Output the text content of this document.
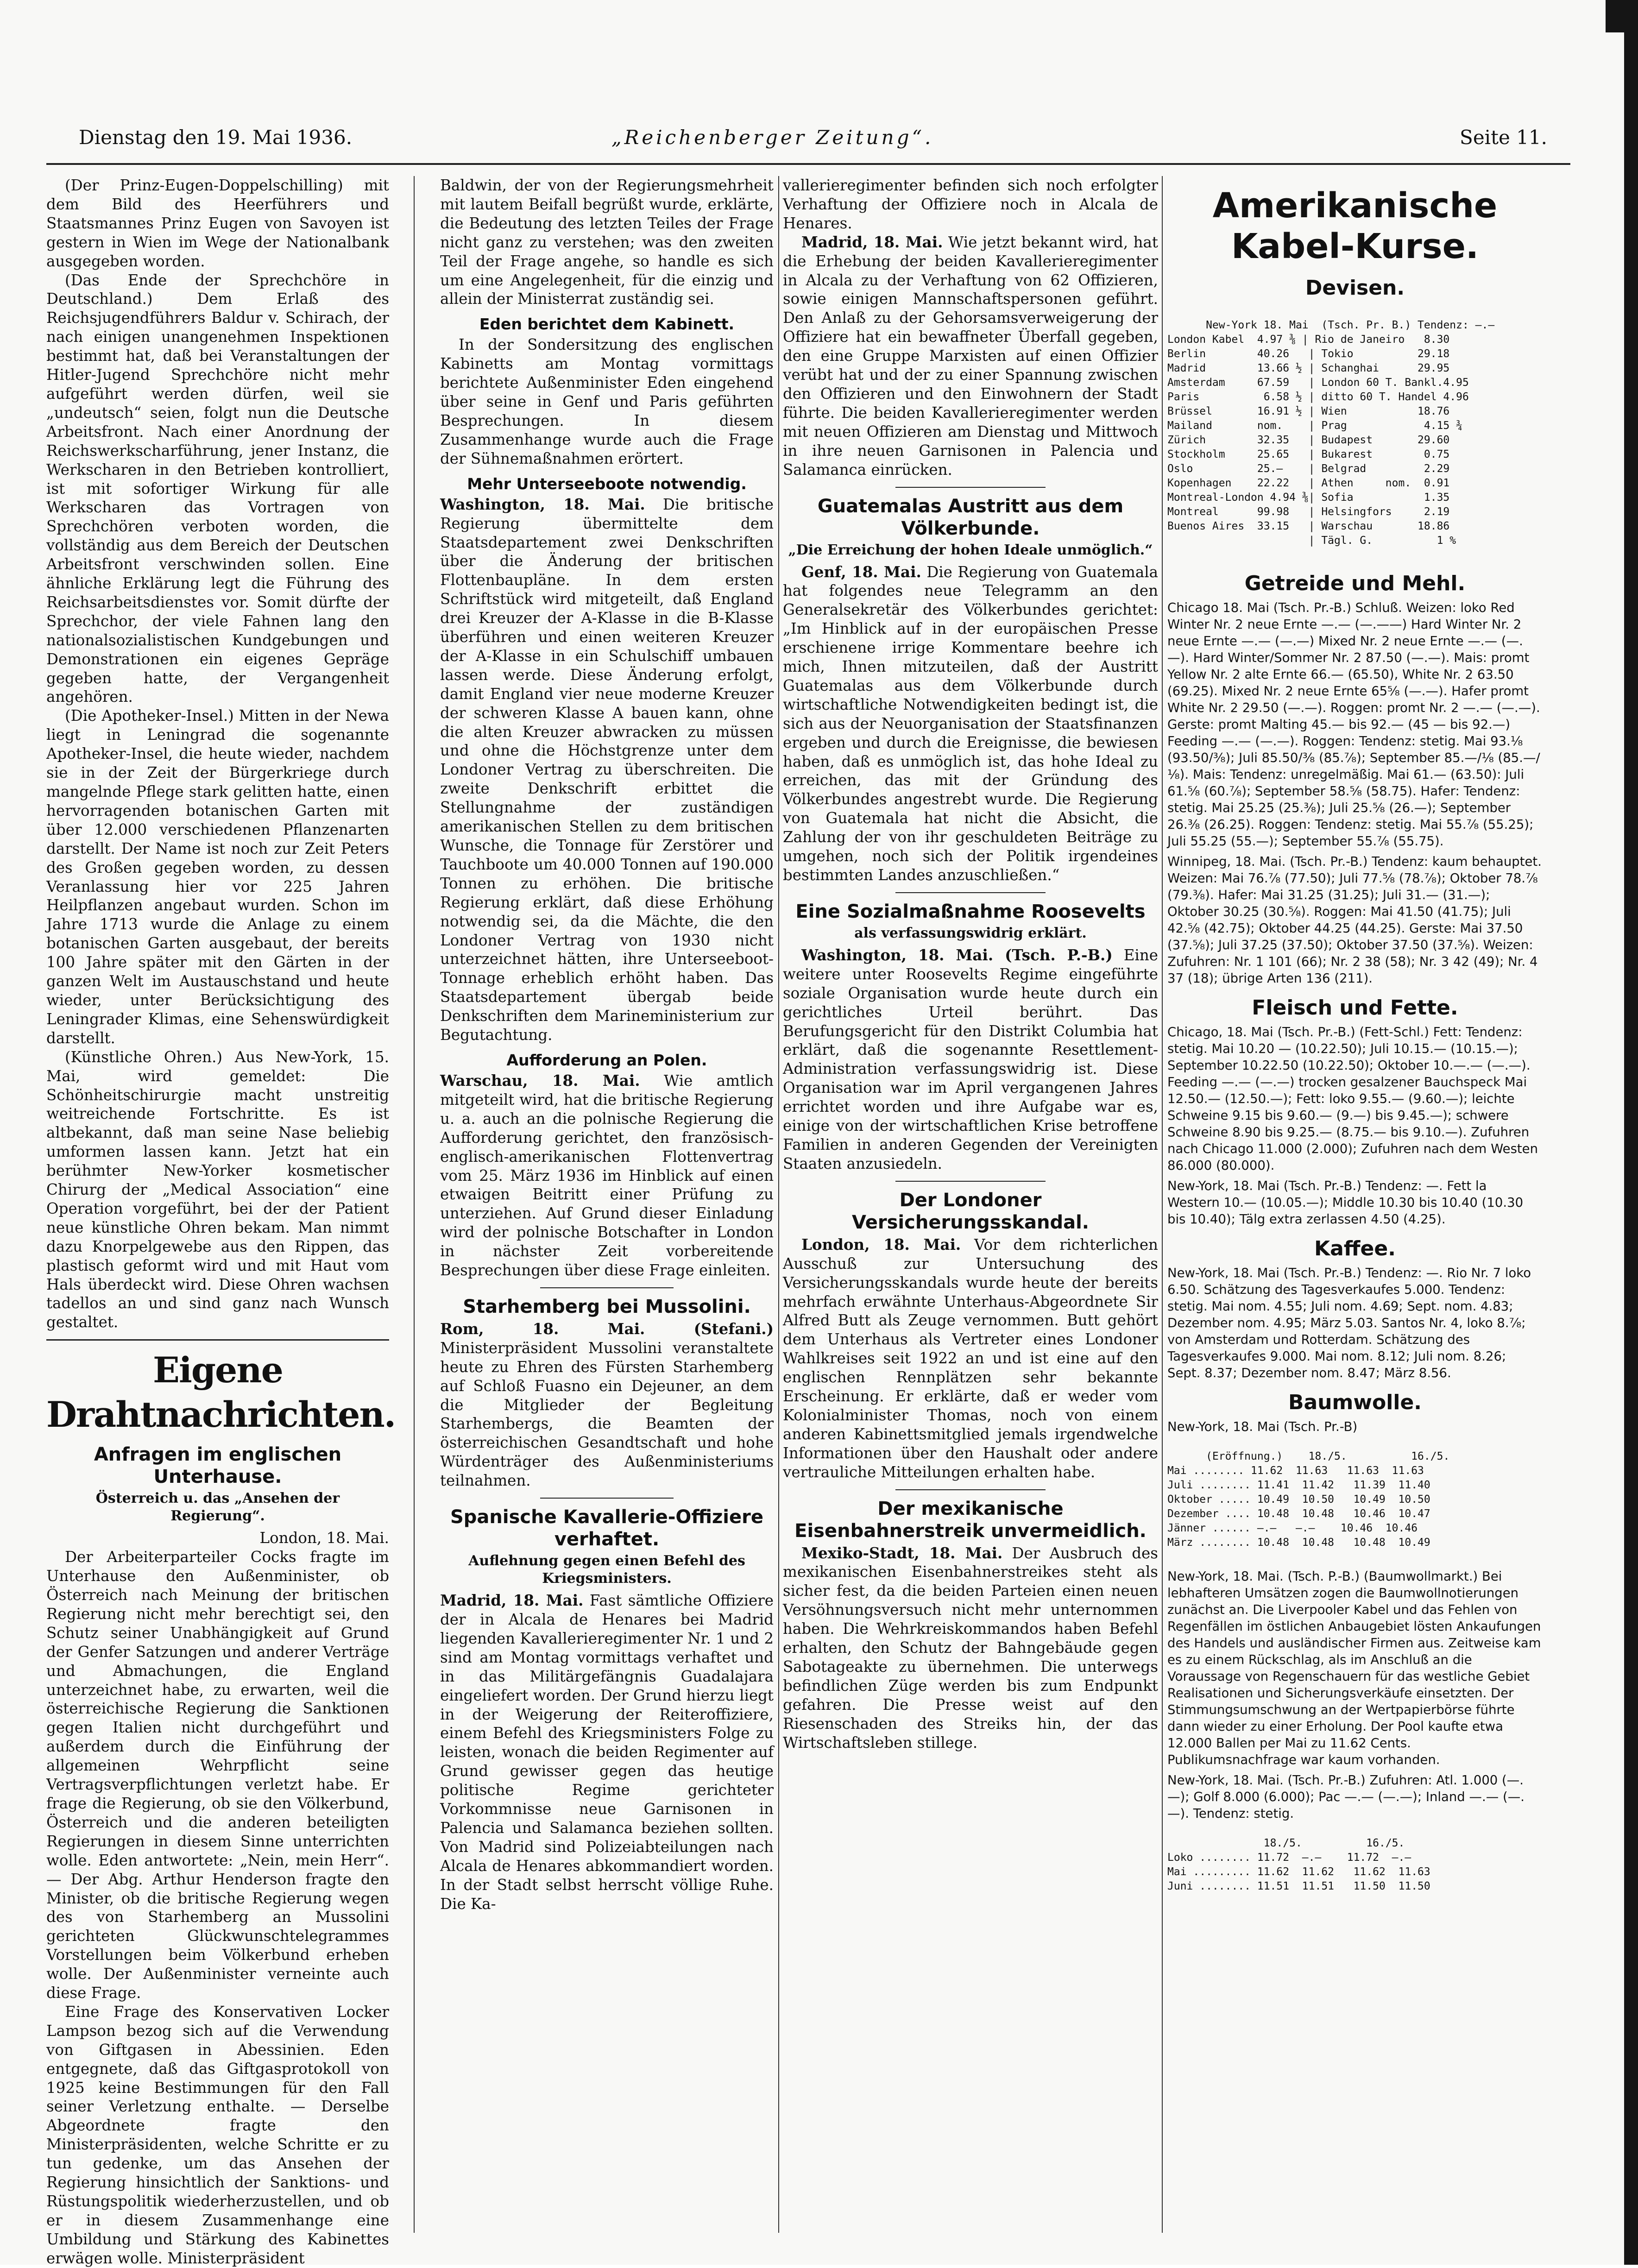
Dienstag den 19. Mai 1936.	„Reichenberger Zeitung“.	Seite 11.

(Der Prinz-Eugen-Doppelschilling) mit dem Bild des Heerführers und Staatsmannes Prinz Eugen von Savoyen ist gestern in Wien im Wege der Nationalbank ausgegeben worden.

(Das Ende der Sprechchöre in Deutschland.) Dem Erlaß des Reichsjugendführers Baldur v. Schirach, der nach einigen unangenehmen Inspektionen bestimmt hat, daß bei Veranstaltungen der Hitler-Jugend Sprechchöre nicht mehr aufgeführt werden dürfen, weil sie „undeutsch“ seien, folgt nun die Deutsche Arbeitsfront. Nach einer Anordnung der Reichswerkscharführung, jener Instanz, die Werkscharen in den Betrieben kontrolliert, ist mit sofortiger Wirkung für alle Werkscharen das Vortragen von Sprechchören verboten worden, die vollständig aus dem Bereich der Deutschen Arbeitsfront verschwinden sollen. Eine ähnliche Erklärung legt die Führung des Reichsarbeitsdienstes vor. Somit dürfte der Sprechchor, der viele Fahnen lang den nationalsozialistischen Kundgebungen und Demonstrationen ein eigenes Gepräge gegeben hatte, der Vergangenheit angehören.

(Die Apotheker-Insel.) Mitten in der Newa liegt in Leningrad die sogenannte Apotheker-Insel, die heute wieder, nachdem sie in der Zeit der Bürgerkriege durch mangelnde Pflege stark gelitten hatte, einen hervorragenden botanischen Garten mit über 12.000 verschiedenen Pflanzenarten darstellt. Der Name ist noch zur Zeit Peters des Großen gegeben worden, zu dessen Veranlassung hier vor 225 Jahren Heilpflanzen angebaut wurden. Schon im Jahre 1713 wurde die Anlage zu einem botanischen Garten ausgebaut, der bereits 100 Jahre später mit den Gärten in der ganzen Welt im Austauschstand und heute wieder, unter Berücksichtigung des Leningrader Klimas, eine Sehenswürdigkeit darstellt.

(Künstliche Ohren.) Aus New-York, 15. Mai, wird gemeldet: Die Schönheitschirurgie macht unstreitig weitreichende Fortschritte. Es ist altbekannt, daß man seine Nase beliebig umformen lassen kann. Jetzt hat ein berühmter New-Yorker kosmetischer Chirurg der „Medical Association“ eine Operation vorgeführt, bei der der Patient neue künstliche Ohren bekam. Man nimmt dazu Knorpelgewebe aus den Rippen, das plastisch geformt wird und mit Haut vom Hals überdeckt wird. Diese Ohren wachsen tadellos an und sind ganz nach Wunsch gestaltet.

Eigene Drahtnachrichten.
Anfragen im englischen Unterhause.
Österreich u. das „Ansehen der Regierung“.

London, 18. Mai.

Der Arbeiterparteiler Cocks fragte im Unterhause den Außenminister, ob Österreich nach Meinung der britischen Regierung nicht mehr berechtigt sei, den Schutz seiner Unabhängigkeit auf Grund der Genfer Satzungen und anderer Verträge und Abmachungen, die England unterzeichnet habe, zu erwarten, weil die österreichische Regierung die Sanktionen gegen Italien nicht durchgeführt und außerdem durch die Einführung der allgemeinen Wehrpflicht seine Vertragsverpflichtungen verletzt habe. Er frage die Regierung, ob sie den Völkerbund, Österreich und die anderen beteiligten Regierungen in diesem Sinne unterrichten wolle. Eden antwortete: „Nein, mein Herr“. — Der Abg. Arthur Henderson fragte den Minister, ob die britische Regierung wegen des von Starhemberg an Mussolini gerichteten Glückwunschtelegrammes Vorstellungen beim Völkerbund erheben wolle. Der Außenminister verneinte auch diese Frage.

Eine Frage des Konservativen Locker Lampson bezog sich auf die Verwendung von Giftgasen in Abessinien. Eden entgegnete, daß das Giftgasprotokoll von 1925 keine Bestimmungen für den Fall seiner Verletzung enthalte. — Derselbe Abgeordnete fragte den Ministerpräsidenten, welche Schritte er zu tun gedenke, um das Ansehen der Regierung hinsichtlich der Sanktions- und Rüstungspolitik wiederherzustellen, und ob er in diesem Zusammenhange eine Umbildung und Stärkung des Kabinettes erwägen wolle. Ministerpräsident

Baldwin, der von der Regierungsmehrheit mit lautem Beifall begrüßt wurde, erklärte, die Bedeutung des letzten Teiles der Frage nicht ganz zu verstehen; was den zweiten Teil der Frage angehe, so handle es sich um eine Angelegenheit, für die einzig und allein der Ministerrat zuständig sei.

Eden berichtet dem Kabinett.

In der Sondersitzung des englischen Kabinetts am Montag vormittags berichtete Außenminister Eden eingehend über seine in Genf und Paris geführten Besprechungen. In diesem Zusammenhange wurde auch die Frage der Sühnemaßnahmen erörtert.

Mehr Unterseeboote notwendig.

Washington, 18. Mai. Die britische Regierung übermittelte dem Staatsdepartement zwei Denkschriften über die Änderung der britischen Flottenbaupläne. In dem ersten Schriftstück wird mitgeteilt, daß England drei Kreuzer der A-Klasse in die B-Klasse überführen und einen weiteren Kreuzer der A-Klasse in ein Schulschiff umbauen lassen werde. Diese Änderung erfolgt, damit England vier neue moderne Kreuzer der schweren Klasse A bauen kann, ohne die alten Kreuzer abwracken zu müssen und ohne die Höchstgrenze unter dem Londoner Vertrag zu überschreiten. Die zweite Denkschrift erbittet die Stellungnahme der zuständigen amerikanischen Stellen zu dem britischen Wunsche, die Tonnage für Zerstörer und Tauchboote um 40.000 Tonnen auf 190.000 Tonnen zu erhöhen. Die britische Regierung erklärt, daß diese Erhöhung notwendig sei, da die Mächte, die den Londoner Vertrag von 1930 nicht unterzeichnet hätten, ihre Unterseeboot-Tonnage erheblich erhöht haben. Das Staatsdepartement übergab beide Denkschriften dem Marineministerium zur Begutachtung.

Aufforderung an Polen.

Warschau, 18. Mai. Wie amtlich mitgeteilt wird, hat die britische Regierung u. a. auch an die polnische Regierung die Aufforderung gerichtet, den französisch-englisch-amerikanischen Flottenvertrag vom 25. März 1936 im Hinblick auf einen etwaigen Beitritt einer Prüfung zu unterziehen. Auf Grund dieser Einladung wird der polnische Botschafter in London in nächster Zeit vorbereitende Besprechungen über diese Frage einleiten.

Starhemberg bei Mussolini.

Rom, 18. Mai. (Stefani.) Ministerpräsident Mussolini veranstaltete heute zu Ehren des Fürsten Starhemberg auf Schloß Fuasno ein Dejeuner, an dem die Mitglieder der Begleitung Starhembergs, die Beamten der österreichischen Gesandtschaft und hohe Würdenträger des Außenministeriums teilnahmen.

Spanische Kavallerie-Offiziere verhaftet.
Auflehnung gegen einen Befehl des Kriegsministers.

Madrid, 18. Mai. Fast sämtliche Offiziere der in Alcala de Henares bei Madrid liegenden Kavallerieregimenter Nr. 1 und 2 sind am Montag vormittags verhaftet und in das Militärgefängnis Guadalajara eingeliefert worden. Der Grund hierzu liegt in der Weigerung der Reiteroffiziere, einem Befehl des Kriegsministers Folge zu leisten, wonach die beiden Regimenter auf Grund gewisser gegen das heutige politische Regime gerichteter Vorkommnisse neue Garnisonen in Palencia und Salamanca beziehen sollten. Von Madrid sind Polizeiabteilungen nach Alcala de Henares abkommandiert worden. In der Stadt selbst herrscht völlige Ruhe. Die Ka-

vallerieregimenter befinden sich noch erfolgter Verhaftung der Offiziere noch in Alcala de Henares.

Madrid, 18. Mai. Wie jetzt bekannt wird, hat die Erhebung der beiden Kavallerieregimenter in Alcala zu der Verhaftung von 62 Offizieren, sowie einigen Mannschaftspersonen geführt. Den Anlaß zu der Gehorsamsverweigerung der Offiziere hat ein bewaffneter Überfall gegeben, den eine Gruppe Marxisten auf einen Offizier verübt hat und der zu einer Spannung zwischen den Offizieren und den Einwohnern der Stadt führte. Die beiden Kavallerieregimenter werden mit neuen Offizieren am Dienstag und Mittwoch in ihre neuen Garnisonen in Palencia und Salamanca einrücken.

Guatemalas Austritt aus dem Völkerbunde.
„Die Erreichung der hohen Ideale unmöglich.“

Genf, 18. Mai. Die Regierung von Guatemala hat folgendes neue Telegramm an den Generalsekretär des Völkerbundes gerichtet: „Im Hinblick auf in der europäischen Presse erschienene irrige Kommentare beehre ich mich, Ihnen mitzuteilen, daß der Austritt Guatemalas aus dem Völkerbunde durch wirtschaftliche Notwendigkeiten bedingt ist, die sich aus der Neuorganisation der Staatsfinanzen ergeben und durch die Ereignisse, die bewiesen haben, daß es unmöglich ist, das hohe Ideal zu erreichen, das mit der Gründung des Völkerbundes angestrebt wurde. Die Regierung von Guatemala hat nicht die Absicht, die Zahlung der von ihr geschuldeten Beiträge zu umgehen, noch sich der Politik irgendeines bestimmten Landes anzuschließen.“

Eine Sozialmaßnahme Roosevelts
als verfassungswidrig erklärt.

Washington, 18. Mai. (Tsch. P.-B.) Eine weitere unter Roosevelts Regime eingeführte soziale Organisation wurde heute durch ein gerichtliches Urteil berührt. Das Berufungsgericht für den Distrikt Columbia hat erklärt, daß die sogenannte Resettlement-Administration verfassungswidrig ist. Diese Organisation war im April vergangenen Jahres errichtet worden und ihre Aufgabe war es, einige von der wirtschaftlichen Krise betroffene Familien in anderen Gegenden der Vereinigten Staaten anzusiedeln.

Der Londoner Versicherungsskandal.

London, 18. Mai. Vor dem richterlichen Ausschuß zur Untersuchung des Versicherungsskandals wurde heute der bereits mehrfach erwähnte Unterhaus-Abgeordnete Sir Alfred Butt als Zeuge vernommen. Butt gehört dem Unterhaus als Vertreter eines Londoner Wahlkreises seit 1922 an und ist eine auf den englischen Rennplätzen sehr bekannte Erscheinung. Er erklärte, daß er weder vom Kolonialminister Thomas, noch von einem anderen Kabinettsmitglied jemals irgendwelche Informationen über den Haushalt oder andere vertrauliche Mitteilungen erhalten habe.

Der mexikanische Eisenbahnerstreik unvermeidlich.

Mexiko-Stadt, 18. Mai. Der Ausbruch des mexikanischen Eisenbahnerstreikes steht als sicher fest, da die beiden Parteien einen neuen Versöhnungsversuch nicht mehr unternommen haben. Die Wehrkreiskommandos haben Befehl erhalten, den Schutz der Bahngebäude gegen Sabotageakte zu übernehmen. Die unterwegs befindlichen Züge werden bis zum Endpunkt gefahren. Die Presse weist auf den Riesenschaden des Streiks hin, der das Wirtschaftsleben stillege.

Amerikanische Kabel-Kurse.
Devisen.

New-York 18. Mai  (Tsch. Pr. B.) Tendenz: —.—
London Kabel  4.97 ⅜ | Rio de Janeiro   8.30
Berlin        40.26   | Tokio          29.18
Madrid        13.66 ½ | Schanghai      29.95
Amsterdam     67.59   | London 60 T. Bankl.4.95
Paris          6.58 ½ | ditto 60 T. Handel 4.96
Brüssel       16.91 ½ | Wien           18.76
Mailand       nom.    | Prag            4.15 ¾
Zürich        32.35   | Budapest       29.60
Stockholm     25.65   | Bukarest        0.75
Oslo          25.—    | Belgrad         2.29
Kopenhagen    22.22   | Athen     nom.  0.91
Montreal-London 4.94 ⅜| Sofia           1.35
Montreal      99.98   | Helsingfors     2.19
Buenos Aires  33.15   | Warschau       18.86
| Tägl. G.          1 %

Getreide und Mehl.

Chicago 18. Mai (Tsch. Pr.-B.) Schluß. Weizen: loko Red Winter Nr. 2 neue Ernte —.— (—.——) Hard Winter Nr. 2 neue Ernte —.— (—.—) Mixed Nr. 2 neue Ernte —.— (—.—). Hard Winter/Sommer Nr. 2 87.50 (—.—). Mais: promt Yellow Nr. 2 alte Ernte 66.— (65.50), White Nr. 2 63.50 (69.25). Mixed Nr. 2 neue Ernte 65⅝ (—.—). Hafer promt White Nr. 2 29.50 (—.—). Roggen: promt Nr. 2 —.— (—.—). Gerste: promt Malting 45.— bis 92.— (45 — bis 92.—) Feeding —.— (—.—). Roggen: Tendenz: stetig. Mai 93.⅛ (93.50/⅜); Juli 85.50/⅜ (85.⅞); September 85.—/⅛ (85.—/⅛). Mais: Tendenz: unregelmäßig. Mai 61.— (63.50): Juli 61.⅝ (60.⅞); September 58.⅝ (58.75). Hafer: Tendenz: stetig. Mai 25.25 (25.⅜); Juli 25.⅝ (26.—); September 26.⅜ (26.25). Roggen: Tendenz: stetig. Mai 55.⅞ (55.25); Juli 55.25 (55.—); September 55.⅞ (55.75).

Winnipeg, 18. Mai. (Tsch. Pr.-B.) Tendenz: kaum behauptet. Weizen: Mai 76.⅞ (77.50); Juli 77.⅝ (78.⅞); Oktober 78.⅞ (79.⅜). Hafer: Mai 31.25 (31.25); Juli 31.— (31.—); Oktober 30.25 (30.⅝). Roggen: Mai 41.50 (41.75); Juli 42.⅝ (42.75); Oktober 44.25 (44.25). Gerste: Mai 37.50 (37.⅝); Juli 37.25 (37.50); Oktober 37.50 (37.⅝). Weizen: Zufuhren: Nr. 1 101 (66); Nr. 2 38 (58); Nr. 3 42 (49); Nr. 4 37 (18); übrige Arten 136 (211).

Fleisch und Fette.

Chicago, 18. Mai (Tsch. Pr.-B.) (Fett-Schl.) Fett: Tendenz: stetig. Mai 10.20 — (10.22.50); Juli 10.15.— (10.15.—); September 10.22.50 (10.22.50); Oktober 10.—.— (—.—). Feeding —.— (—.—) trocken gesalzener Bauchspeck Mai 12.50.— (12.50.—); Fett: loko 9.55.— (9.60.—); leichte Schweine 9.15 bis 9.60.— (9.—) bis 9.45.—); schwere Schweine 8.90 bis 9.25.— (8.75.— bis 9.10.—). Zufuhren nach Chicago 11.000 (2.000); Zufuhren nach dem Westen 86.000 (80.000).

New-York, 18. Mai (Tsch. Pr.-B.) Tendenz: —. Fett la Western 10.— (10.05.—); Middle 10.30 bis 10.40 (10.30 bis 10.40); Tälg extra zerlassen 4.50 (4.25).

Kaffee.

New-York, 18. Mai (Tsch. Pr.-B.) Tendenz: —. Rio Nr. 7 loko 6.50. Schätzung des Tagesverkaufes 5.000. Tendenz: stetig. Mai nom. 4.55; Juli nom. 4.69; Sept. nom. 4.83; Dezember nom. 4.95; März 5.03. Santos Nr. 4, loko 8.⅞; von Amsterdam und Rotterdam. Schätzung des Tagesverkaufes 9.000. Mai nom. 8.12; Juli nom. 8.26; Sept. 8.37; Dezember nom. 8.47; März 8.56.

Baumwolle.

New-York, 18. Mai (Tsch. Pr.-B)

(Eröffnung.)    18./5.          16./5.
Mai ........ 11.62  11.63   11.63  11.63
Juli ........ 11.41  11.42   11.39  11.40
Oktober ..... 10.49  10.50   10.49  10.50
Dezember .... 10.48  10.48   10.46  10.47
Jänner ...... —.—   —.—    10.46  10.46
März ........ 10.48  10.48   10.48  10.49

New-York, 18. Mai. (Tsch. P.-B.) (Baumwollmarkt.) Bei lebhafteren Umsätzen zogen die Baumwollnotierungen zunächst an. Die Liverpooler Kabel und das Fehlen von Regenfällen im östlichen Anbaugebiet lösten Ankaufungen des Handels und ausländischer Firmen aus. Zeitweise kam es zu einem Rückschlag, als im Anschluß an die Voraussage von Regenschauern für das westliche Gebiet Realisationen und Sicherungsverkäufe einsetzten. Der Stimmungsumschwung an der Wertpapierbörse führte dann wieder zu einer Erholung. Der Pool kaufte etwa 12.000 Ballen per Mai zu 11.62 Cents. Publikumsnachfrage war kaum vorhanden.

New-York, 18. Mai. (Tsch. Pr.-B.) Zufuhren: Atl. 1.000 (—.—); Golf 8.000 (6.000); Pac —.— (—.—); Inland —.— (—.—). Tendenz: stetig.

18./5.          16./5.
Loko ........ 11.72  —.—    11.72  —.—
Mai ......... 11.62  11.62   11.62  11.63
Juni ........ 11.51  11.51   11.50  11.50
